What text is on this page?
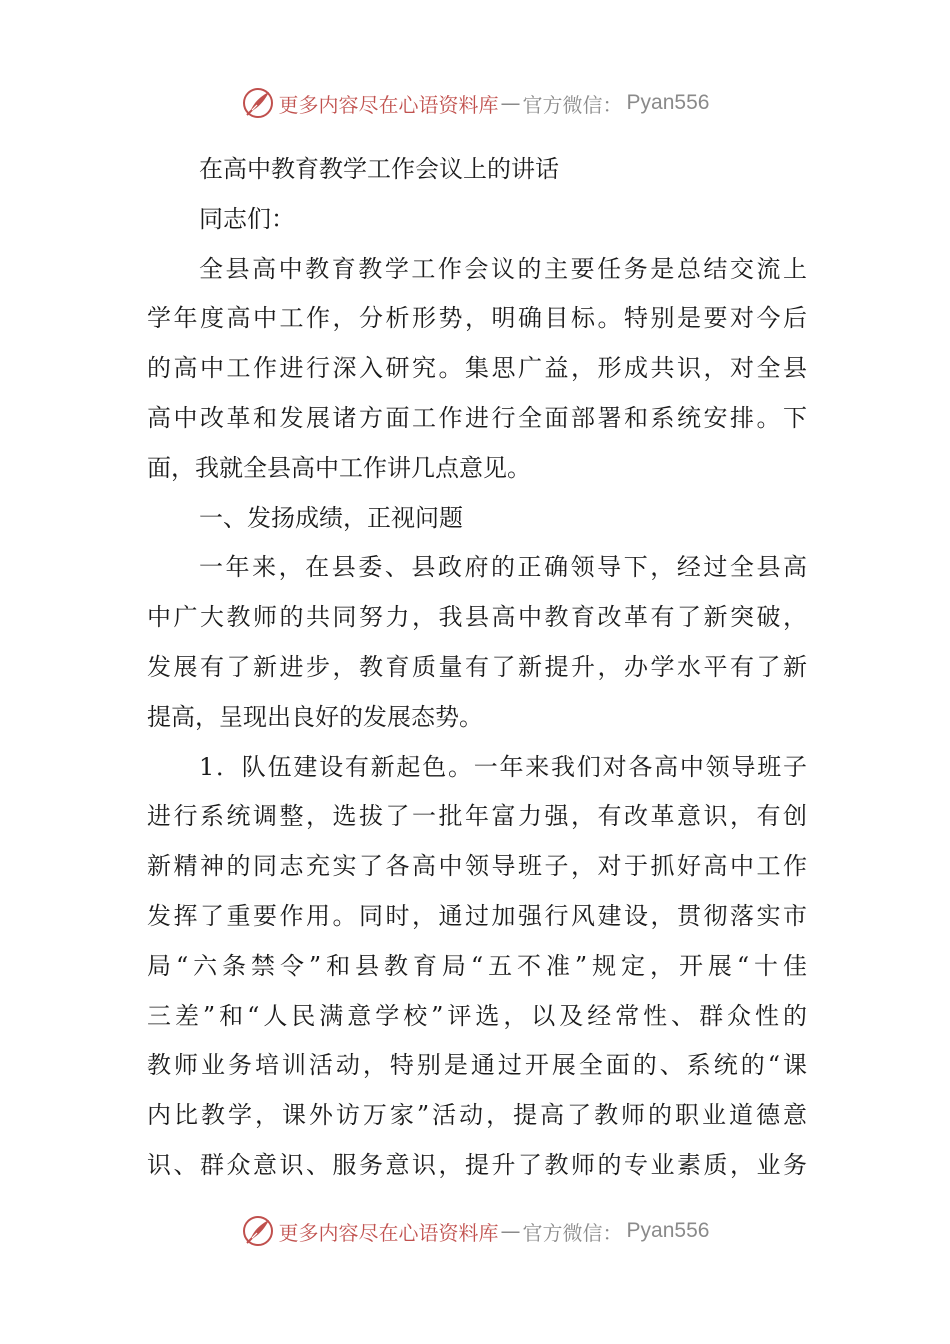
更多内容尽在心语资料库 — 官方微信： Pyan556
在高中教育教学工作会议上的讲话
同志们：
全县高中教育教学工作会议的主要任务是总结交流上
学年度高中工作，分析形势，明确目标。特别是要对今后
的高中工作进行深入研究。集思广益，形成共识，对全县
高中改革和发展诸方面工作进行全面部署和系统安排。下
面，我就全县高中工作讲几点意见。
一、发扬成绩，正视问题
一年来，在县委、县政府的正确领导下，经过全县高
中广大教师的共同努力，我县高中教育改革有了新突破，
发展有了新进步，教育质量有了新提升，办学水平有了新
提高，呈现出良好的发展态势。
1．队伍建设有新起色。一年来我们对各高中领导班子
进行系统调整，选拔了一批年富力强，有改革意识，有创
新精神的同志充实了各高中领导班子，对于抓好高中工作
发挥了重要作用。同时，通过加强行风建设，贯彻落实市
局“六条禁令”和县教育局“五不准”规定，开展“十佳
三差”和“人民满意学校”评选，以及经常性、群众性的
教师业务培训活动，特别是通过开展全面的、系统的“课
内比教学，课外访万家”活动，提高了教师的职业道德意
识、群众意识、服务意识，提升了教师的专业素质，业务
更多内容尽在心语资料库 — 官方微信： Pyan556
